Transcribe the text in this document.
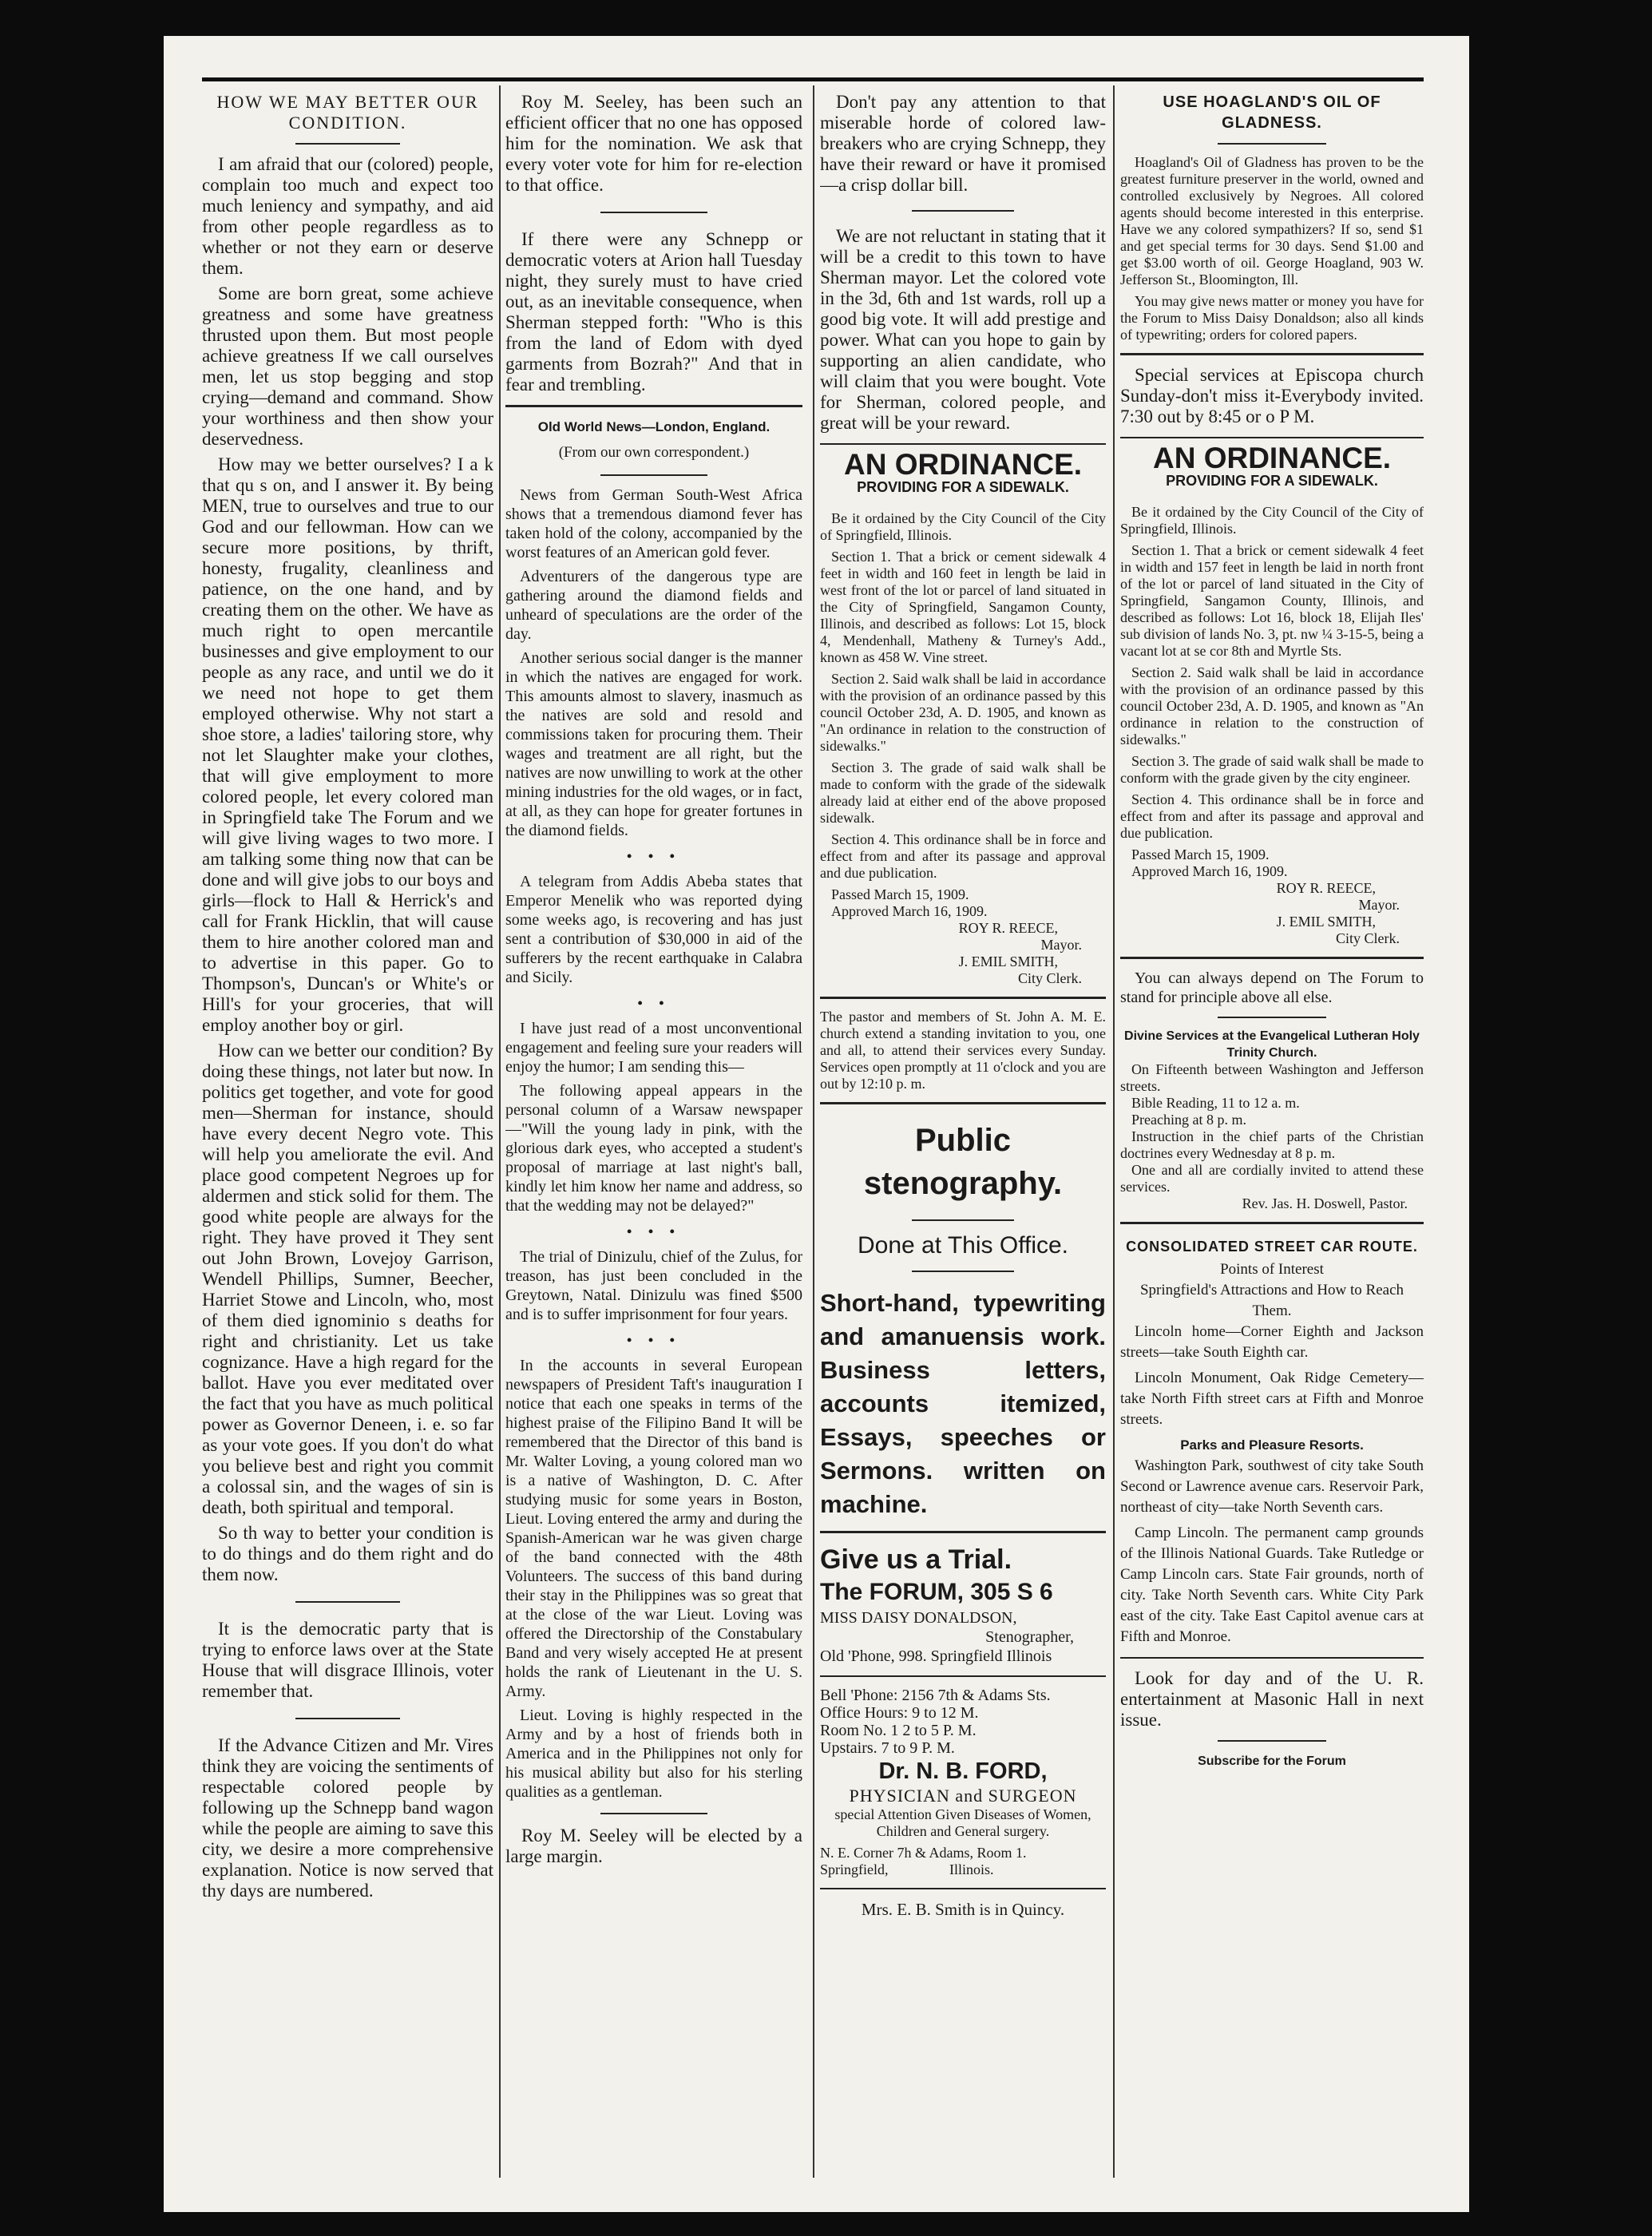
HOW WE MAY BETTER OUR CONDITION.

I am afraid that our (colored) people, complain too much and expect too much leniency and sympathy, and aid from other people regardless as to whether or not they earn or deserve them.

Some are born great, some achieve greatness and some have greatness thrusted upon them. But most people achieve greatness If we call ourselves men, let us stop begging and stop crying—demand and command. Show your worthiness and then show your deservedness.

How may we better ourselves? I a k that qu s on, and I answer it. By being MEN, true to ourselves and true to our God and our fellowman. How can we secure more positions, by thrift, honesty, frugality, cleanliness and patience, on the one hand, and by creating them on the other. We have as much right to open mercantile businesses and give employment to our people as any race, and until we do it we need not hope to get them employed otherwise. Why not start a shoe store, a ladies' tailoring store, why not let Slaughter make your clothes, that will give employment to more colored people, let every colored man in Springfield take The Forum and we will give living wages to two more. I am talking some thing now that can be done and will give jobs to our boys and girls—flock to Hall & Herrick's and call for Frank Hicklin, that will cause them to hire another colored man and to advertise in this paper. Go to Thompson's, Duncan's or White's or Hill's for your groceries, that will employ another boy or girl.

How can we better our condition? By doing these things, not later but now. In politics get together, and vote for good men—Sherman for instance, should have every decent Negro vote. This will help you ameliorate the evil. And place good competent Negroes up for aldermen and stick solid for them. The good white people are always for the right. They have proved it They sent out John Brown, Lovejoy Garrison, Wendell Phillips, Sumner, Beecher, Harriet Stowe and Lincoln, who, most of them died ignominio s deaths for right and christianity. Let us take cognizance. Have a high regard for the ballot. Have you ever meditated over the fact that you have as much political power as Governor Deneen, i. e. so far as your vote goes. If you don't do what you believe best and right you commit a colossal sin, and the wages of sin is death, both spiritual and temporal.

So th way to better your condition is to do things and do them right and do them now.

It is the democratic party that is trying to enforce laws over at the State House that will disgrace Illinois, voter remember that.

If the Advance Citizen and Mr. Vires think they are voicing the sentiments of respectable colored people by following up the Schnepp band wagon while the people are aiming to save this city, we desire a more comprehensive explanation. Notice is now served that thy days are numbered.

Roy M. Seeley, has been such an efficient officer that no one has opposed him for the nomination. We ask that every voter vote for him for re-election to that office.

If there were any Schnepp or democratic voters at Arion hall Tuesday night, they surely must to have cried out, as an inevitable consequence, when Sherman stepped forth: "Who is this from the land of Edom with dyed garments from Bozrah?" And that in fear and trembling.

Old World News—London, England.
(From our own correspondent.)

News from German South-West Africa shows that a tremendous diamond fever has taken hold of the colony, accompanied by the worst features of an American gold fever.

Adventurers of the dangerous type are gathering around the diamond fields and unheard of speculations are the order of the day.

Another serious social danger is the manner in which the natives are engaged for work. This amounts almost to slavery, inasmuch as the natives are sold and resold and commissions taken for procuring them. Their wages and treatment are all right, but the natives are now unwilling to work at the other mining industries for the old wages, or in fact, at all, as they can hope for greater fortunes in the diamond fields.

• • •

A telegram from Addis Abeba states that Emperor Menelik who was reported dying some weeks ago, is recovering and has just sent a contribution of $30,000 in aid of the sufferers by the recent earthquake in Calabra and Sicily.

• •

I have just read of a most unconventional engagement and feeling sure your readers will enjoy the humor; I am sending this—

The following appeal appears in the personal column of a Warsaw newspaper—"Will the young lady in pink, with the glorious dark eyes, who accepted a student's proposal of marriage at last night's ball, kindly let him know her name and address, so that the wedding may not be delayed?"

• • •

The trial of Dinizulu, chief of the Zulus, for treason, has just been concluded in the Greytown, Natal. Dinizulu was fined $500 and is to suffer imprisonment for four years.

• • •

In the accounts in several European newspapers of President Taft's inauguration I notice that each one speaks in terms of the highest praise of the Filipino Band It will be remembered that the Director of this band is Mr. Walter Loving, a young colored man wo is a native of Washington, D. C. After studying music for some years in Boston, Lieut. Loving entered the army and during the Spanish-American war he was given charge of the band connected with the 48th Volunteers. The success of this band during their stay in the Philippines was so great that at the close of the war Lieut. Loving was offered the Directorship of the Constabulary Band and very wisely accepted He at present holds the rank of Lieutenant in the U. S. Army.

Lieut. Loving is highly respected in the Army and by a host of friends both in America and in the Philippines not only for his musical ability but also for his sterling qualities as a gentleman.

Roy M. Seeley will be elected by a large margin.

Don't pay any attention to that miserable horde of colored law-breakers who are crying Schnepp, they have their reward or have it promised—a crisp dollar bill.

We are not reluctant in stating that it will be a credit to this town to have Sherman mayor. Let the colored vote in the 3d, 6th and 1st wards, roll up a good big vote. It will add prestige and power. What can you hope to gain by supporting an alien candidate, who will claim that you were bought. Vote for Sherman, colored people, and great will be your reward.

AN ORDINANCE.
PROVIDING FOR A SIDEWALK.

Be it ordained by the City Council of the City of Springfield, Illinois.

Section 1. That a brick or cement sidewalk 4 feet in width and 160 feet in length be laid in west front of the lot or parcel of land situated in the City of Springfield, Sangamon County, Illinois, and described as follows: Lot 15, block 4, Mendenhall, Matheny & Turney's Add., known as 458 W. Vine street.

Section 2. Said walk shall be laid in accordance with the provision of an ordinance passed by this council October 23d, A. D. 1905, and known as "An ordinance in relation to the construction of sidewalks."

Section 3. The grade of said walk shall be made to conform with the grade of the sidewalk already laid at either end of the above proposed sidewalk.

Section 4. This ordinance shall be in force and effect from and after its passage and approval and due publication.

Passed March 15, 1909.

Approved March 16, 1909.

ROY R. REECE,

Mayor.

J. EMIL SMITH,

City Clerk.

The pastor and members of St. John A. M. E. church extend a standing invitation to you, one and all, to attend their services every Sunday. Services open promptly at 11 o'clock and you are out by 12:10 p. m.

Public stenography.
Done at This Office.
Short-hand, typewriting and amanuensis work. Business letters, accounts itemized, Essays, speeches or Sermons. written on machine.
Give us a Trial.
The FORUM, 305 S 6
MISS DAISY DONALDSON,
Stenographer,
Old 'Phone, 998. Springfield Illinois
Bell 'Phone: 2156 7th & Adams Sts.
Office Hours: 9 to 12 M.
Room No. 1 2 to 5 P. M.
Upstairs. 7 to 9 P. M.
Dr. N. B. FORD,
PHYSICIAN and SURGEON

special Attention Given Diseases of Women, Children and General surgery.

N. E. Corner 7h & Adams, Room 1.
Springfield,                 Illinois.

Mrs. E. B. Smith is in Quincy.

USE HOAGLAND'S OIL OF GLADNESS.

Hoagland's Oil of Gladness has proven to be the greatest furniture preserver in the world, owned and controlled exclusively by Negroes. All colored agents should become interested in this enterprise. Have we any colored sympathizers? If so, send $1 and get special terms for 30 days. Send $1.00 and get $3.00 worth of oil. George Hoagland, 903 W. Jefferson St., Bloomington, Ill.

You may give news matter or money you have for the Forum to Miss Daisy Donaldson; also all kinds of typewriting; orders for colored papers.

Special services at Episcopa church Sunday-don't miss it-Everybody invited. 7:30 out by 8:45 or o P M.

AN ORDINANCE.
PROVIDING FOR A SIDEWALK.

Be it ordained by the City Council of the City of Springfield, Illinois.

Section 1. That a brick or cement sidewalk 4 feet in width and 157 feet in length be laid in north front of the lot or parcel of land situated in the City of Springfield, Sangamon County, Illinois, and described as follows: Lot 16, block 18, Elijah Iles' sub division of lands No. 3, pt. nw ¼ 3-15-5, being a vacant lot at se cor 8th and Myrtle Sts.

Section 2. Said walk shall be laid in accordance with the provision of an ordinance passed by this council October 23d, A. D. 1905, and known as "An ordinance in relation to the construction of sidewalks."

Section 3. The grade of said walk shall be made to conform with the grade given by the city engineer.

Section 4. This ordinance shall be in force and effect from and after its passage and approval and due publication.

Passed March 15, 1909.

Approved March 16, 1909.

ROY R. REECE,

Mayor.

J. EMIL SMITH,

City Clerk.

You can always depend on The Forum to stand for principle above all else.

Divine Services at the Evangelical Lutheran Holy Trinity Church.

On Fifteenth between Washington and Jefferson streets.

Bible Reading, 11 to 12 a. m.

Preaching at 8 p. m.

Instruction in the chief parts of the Christian doctrines every Wednesday at 8 p. m.

One and all are cordially invited to attend these services.

Rev. Jas. H. Doswell, Pastor.

CONSOLIDATED STREET CAR ROUTE.
Points of Interest
Springfield's Attractions and How to Reach Them.

Lincoln home—Corner Eighth and Jackson streets—take South Eighth car.

Lincoln Monument, Oak Ridge Cemetery—take North Fifth street cars at Fifth and Monroe streets.

Parks and Pleasure Resorts.

Washington Park, southwest of city take South Second or Lawrence avenue cars. Reservoir Park, northeast of city—take North Seventh cars.

Camp Lincoln. The permanent camp grounds of the Illinois National Guards. Take Rutledge or Camp Lincoln cars. State Fair grounds, north of city. Take North Seventh cars. White City Park east of the city. Take East Capitol avenue cars at Fifth and Monroe.

Look for day and of the U. R. entertainment at Masonic Hall in next issue.

Subscribe for the Forum
